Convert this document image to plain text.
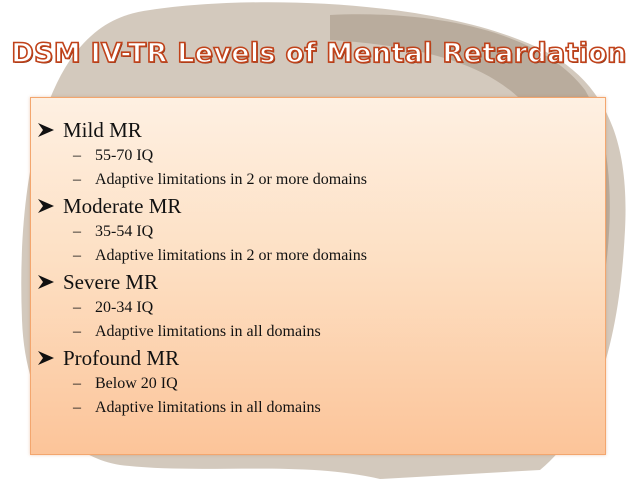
DSM IV-TR Levels of Mental Retardation
Mild MR
– 55-70 IQ
– Adaptive limitations in 2 or more domains
Moderate MR
– 35-54 IQ
– Adaptive limitations in 2 or more domains
Severe MR
– 20-34 IQ
– Adaptive limitations in all domains
Profound MR
– Below 20 IQ
– Adaptive limitations in all domains
